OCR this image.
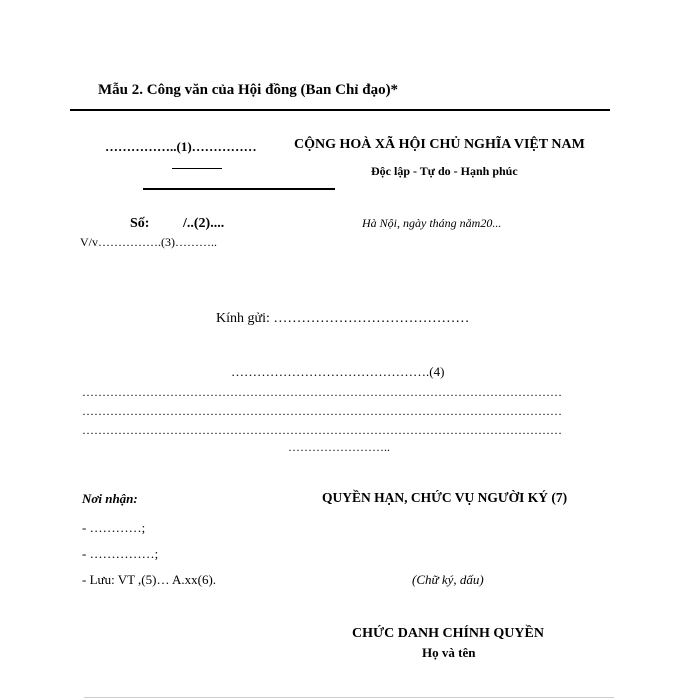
Mẫu 2. Công văn của Hội đồng (Ban Chỉ đạo)*
……………..(1)……………	CỘNG HOÀ XÃ HỘI CHỦ NGHĨA VIỆT NAM
Độc lập - Tự do - Hạnh phúc
Số: /..(2)....
V/v…………….(3)………..
Hà Nội, ngày tháng năm20...
Kính gửi: ……………………………………
……………………………………….(4)
…………………………………………………………………………………………………………
…………………………………………………………………………………………………………
…………………………………………………………………………………………………………
……………………..
Nơi nhận:
- …………;
- ……………;
- Lưu: VT ,(5)… A.xx(6).
QUYỀN HẠN, CHỨC VỤ NGƯỜI KÝ (7)
(Chữ ký, dấu)
CHỨC DANH CHÍNH QUYỀN
Họ và tên
